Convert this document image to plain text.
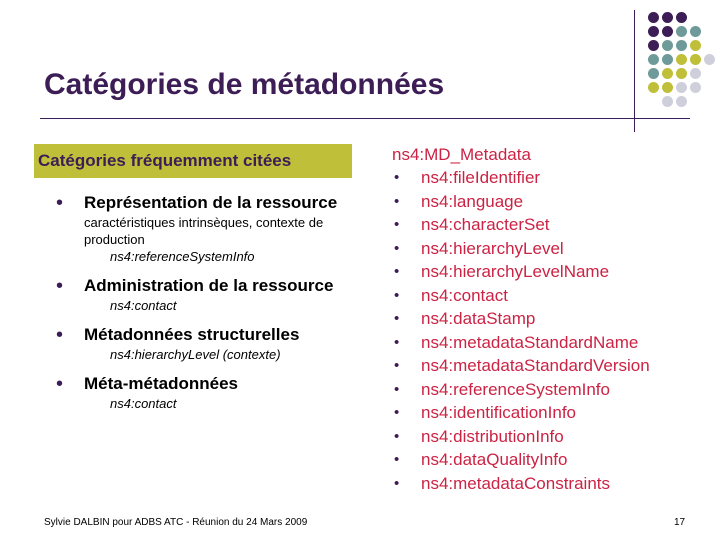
Catégories de métadonnées
Catégories fréquemment citées
• Représentation de la ressource
caractéristiques intrinsèques, contexte de production
ns4:referenceSystemInfo
• Administration de la ressource
ns4:contact
• Métadonnées structurelles
ns4:hierarchyLevel (contexte)
• Méta-métadonnées
ns4:contact
ns4:MD_Metadata
• ns4:fileIdentifier
• ns4:language
• ns4:characterSet
• ns4:hierarchyLevel
• ns4:hierarchyLevelName
• ns4:contact
• ns4:dataStamp
• ns4:metadataStandardName
• ns4:metadataStandardVersion
• ns4:referenceSystemInfo
• ns4:identificationInfo
• ns4:distributionInfo
• ns4:dataQualityInfo
• ns4:metadataConstraints
Sylvie DALBIN pour ADBS ATC - Réunion du 24 Mars 2009	17
